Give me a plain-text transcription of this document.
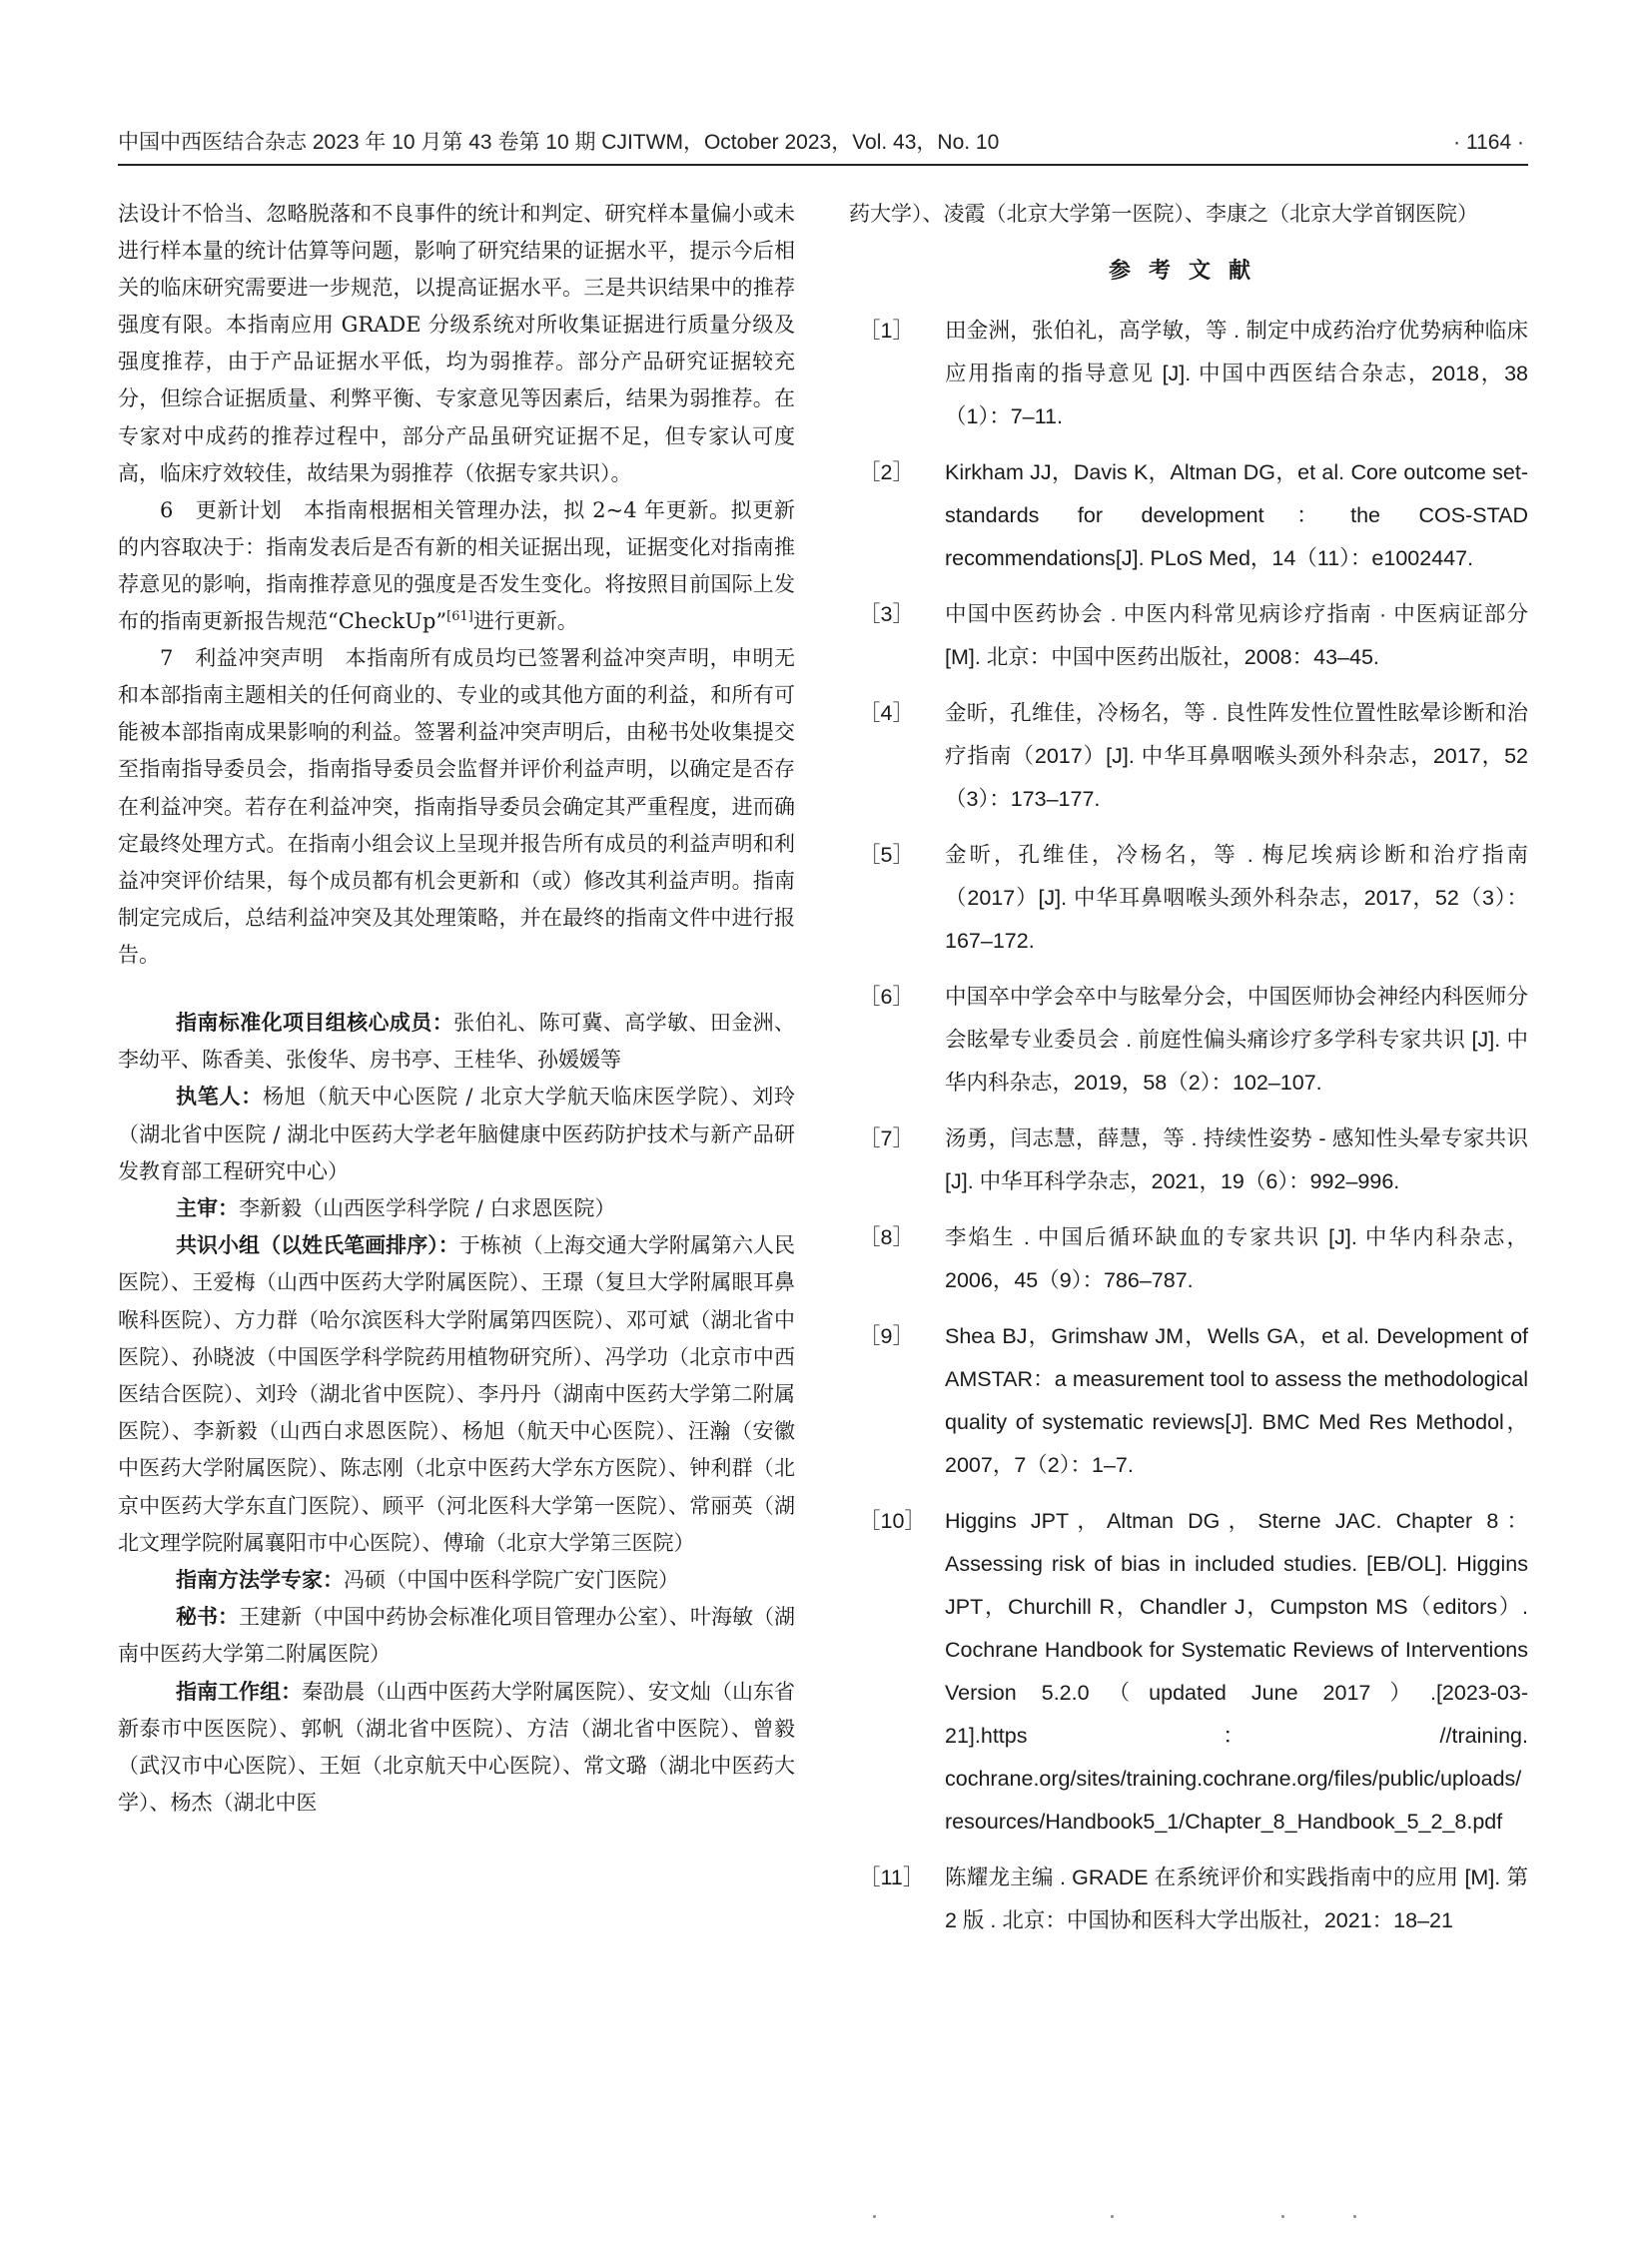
中国中西医结合杂志 2023 年 10 月第 43 卷第 10 期 CJITWM，October 2023，Vol. 43，No. 10	· 1164 ·

法设计不恰当、忽略脱落和不良事件的统计和判定、研究样本量偏小或未进行样本量的统计估算等问题，影响了研究结果的证据水平，提示今后相关的临床研究需要进一步规范，以提高证据水平。三是共识结果中的推荐强度有限。本指南应用 GRADE 分级系统对所收集证据进行质量分级及强度推荐，由于产品证据水平低，均为弱推荐。部分产品研究证据较充分，但综合证据质量、利弊平衡、专家意见等因素后，结果为弱推荐。在专家对中成药的推荐过程中，部分产品虽研究证据不足，但专家认可度高，临床疗效较佳，故结果为弱推荐（依据专家共识）。

6　更新计划　本指南根据相关管理办法，拟 2~4 年更新。拟更新的内容取决于：指南发表后是否有新的相关证据出现，证据变化对指南推荐意见的影响，指南推荐意见的强度是否发生变化。将按照目前国际上发布的指南更新报告规范“CheckUp”[61]进行更新。

7　利益冲突声明　本指南所有成员均已签署利益冲突声明，申明无和本部指南主题相关的任何商业的、专业的或其他方面的利益，和所有可能被本部指南成果影响的利益。签署利益冲突声明后，由秘书处收集提交至指南指导委员会，指南指导委员会监督并评价利益声明，以确定是否存在利益冲突。若存在利益冲突，指南指导委员会确定其严重程度，进而确定最终处理方式。在指南小组会议上呈现并报告所有成员的利益声明和利益冲突评价结果，每个成员都有机会更新和（或）修改其利益声明。指南制定完成后，总结利益冲突及其处理策略，并在最终的指南文件中进行报告。

指南标准化项目组核心成员：张伯礼、陈可冀、高学敏、田金洲、李幼平、陈香美、张俊华、房书亭、王桂华、孙媛媛等

执笔人：杨旭（航天中心医院 / 北京大学航天临床医学院）、刘玲（湖北省中医院 / 湖北中医药大学老年脑健康中医药防护技术与新产品研发教育部工程研究中心）

主审：李新毅（山西医学科学院 / 白求恩医院）

共识小组（以姓氏笔画排序）：于栋祯（上海交通大学附属第六人民医院）、王爱梅（山西中医药大学附属医院）、王璟（复旦大学附属眼耳鼻喉科医院）、方力群（哈尔滨医科大学附属第四医院）、邓可斌（湖北省中医院）、孙晓波（中国医学科学院药用植物研究所）、冯学功（北京市中西医结合医院）、刘玲（湖北省中医院）、李丹丹（湖南中医药大学第二附属医院）、李新毅（山西白求恩医院）、杨旭（航天中心医院）、汪瀚（安徽中医药大学附属医院）、陈志刚（北京中医药大学东方医院）、钟利群（北京中医药大学东直门医院）、顾平（河北医科大学第一医院）、常丽英（湖北文理学院附属襄阳市中心医院）、傅瑜（北京大学第三医院）

指南方法学专家：冯硕（中国中医科学院广安门医院）

秘书：王建新（中国中药协会标准化项目管理办公室）、叶海敏（湖南中医药大学第二附属医院）

指南工作组：秦劭晨（山西中医药大学附属医院）、安文灿（山东省新泰市中医医院）、郭帆（湖北省中医院）、方洁（湖北省中医院）、曾毅（武汉市中心医院）、王姮（北京航天中心医院）、常文璐（湖北中医药大学）、杨杰（湖北中医

药大学）、凌霞（北京大学第一医院）、李康之（北京大学首钢医院）

参考文献
［1］ 田金洲，张伯礼，高学敏，等 . 制定中成药治疗优势病种临床应用指南的指导意见 [J]. 中国中西医结合杂志，2018，38（1）：7–11.
［2］ Kirkham JJ，Davis K，Altman DG，et al. Core outcome set-standards for development：the COS-STAD recommendations[J]. PLoS Med，14（11）：e1002447.
［3］ 中国中医药协会 . 中医内科常见病诊疗指南 · 中医病证部分 [M]. 北京：中国中医药出版社，2008：43–45.
［4］ 金昕，孔维佳，冷杨名，等 . 良性阵发性位置性眩晕诊断和治疗指南（2017）[J]. 中华耳鼻咽喉头颈外科杂志，2017，52（3）：173–177.
［5］ 金昕，孔维佳，冷杨名，等 . 梅尼埃病诊断和治疗指南（2017）[J]. 中华耳鼻咽喉头颈外科杂志，2017，52（3）：167–172.
［6］ 中国卒中学会卒中与眩晕分会，中国医师协会神经内科医师分会眩晕专业委员会 . 前庭性偏头痛诊疗多学科专家共识 [J]. 中华内科杂志，2019，58（2）：102–107.
［7］ 汤勇，闫志慧，薛慧，等 . 持续性姿势 - 感知性头晕专家共识 [J]. 中华耳科学杂志，2021，19（6）：992–996.
［8］ 李焰生 . 中国后循环缺血的专家共识 [J]. 中华内科杂志，2006，45（9）：786–787.
［9］ Shea BJ，Grimshaw JM，Wells GA，et al. Development of AMSTAR：a measurement tool to assess the methodological quality of systematic reviews[J]. BMC Med Res Methodol，2007，7（2）：1–7.
［10］ Higgins JPT，Altman DG，Sterne JAC. Chapter 8：Assessing risk of bias in included studies. [EB/OL]. Higgins JPT，Churchill R，Chandler J，Cumpston MS（editors）. Cochrane Handbook for Systematic Reviews of Interventions Version 5.2.0（updated June 2017）.[2023-03-21].https：//training. cochrane.org/sites/training.cochrane.org/files/public/uploads/resources/Handbook5_1/Chapter_8_Handbook_5_2_8.pdf
［11］ 陈耀龙主编 . GRADE 在系统评价和实践指南中的应用 [M]. 第 2 版 . 北京：中国协和医科大学出版社，2021：18–21
